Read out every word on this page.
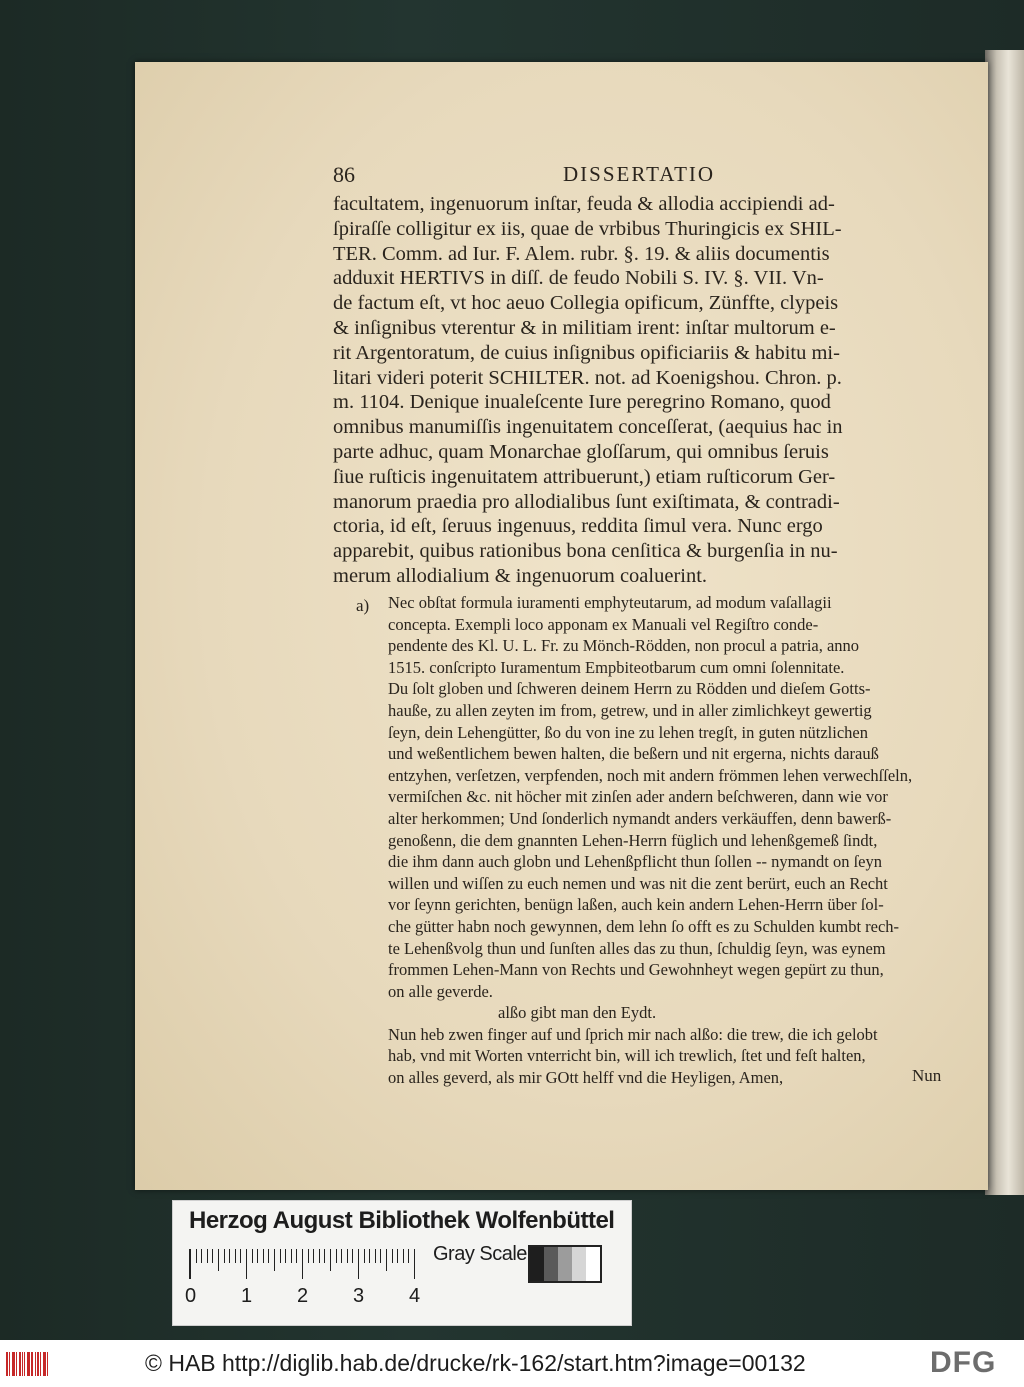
86	DISSERTATIO
facultatem, ingenuorum inſtar, feuda & allodia accipiendi ad-
ſpiraſſe colligitur ex iis, quae de vrbibus Thuringicis ex SHIL-
TER. Comm. ad Iur. F. Alem. rubr. §. 19. & aliis documentis
adduxit HERTIVS in diſſ. de feudo Nobili S. IV. §. VII. Vn-
de factum eſt, vt hoc aeuo Collegia opificum, Zünffte, clypeis
& inſignibus vterentur & in militiam irent: inſtar multorum e-
rit Argentoratum, de cuius inſignibus opificiariis & habitu mi-
litari videri poterit SCHILTER. not. ad Koenigshou. Chron. p.
m. 1104. Denique inualeſcente Iure peregrino Romano, quod
omnibus manumiſſis ingenuitatem conceſſerat, (aequius hac in
parte adhuc, quam Monarchae gloſſarum, qui omnibus ſeruis
ſiue ruſticis ingenuitatem attribuerunt,) etiam ruſticorum Ger-
manorum praedia pro allodialibus ſunt exiſtimata, & contradi-
ctoria, id eſt, ſeruus ingenuus, reddita ſimul vera. Nunc ergo
apparebit, quibus rationibus bona cenſitica & burgenſia in nu-
merum allodialium & ingenuorum coaluerint.
a) Nec obſtat formula iuramenti emphyteutarum, ad modum vaſallagii
concepta. Exempli loco apponam ex Manuali vel Regiſtro conde-
pendente des Kl. U. L. Fr. zu Mönch-Rödden, non procul a patria, anno
1515. conſcripto Iuramentum Empbiteotbarum cum omni ſolennitate.
Du ſolt globen und ſchweren deinem Herrn zu Rödden und dieſem Gotts-
hauße, zu allen zeyten im from, getrew, und in aller zimlichkeyt gewertig
ſeyn, dein Lehengütter, ßo du von ine zu lehen tregſt, in guten nützlichen
und weßentlichem bewen halten, die beßern und nit ergerna, nichts darauß
entzyhen, verſetzen, verpfenden, noch mit andern frömmen lehen verwechſſeln,
vermiſchen &c. nit höcher mit zinſen ader andern beſchweren, dann wie vor
alter herkommen; Und ſonderlich nymandt anders verkäuffen, denn bawerß-
genoßenn, die dem gnannten Lehen-Herrn füglich und lehenßgemeß ſindt,
die ihm dann auch globn und Lehenßpflicht thun ſollen -- nymandt on ſeyn
willen und wiſſen zu euch nemen und was nit die zent berürt, euch an Recht
vor ſeynn gerichten, benügn laßen, auch kein andern Lehen-Herrn über ſol-
che gütter habn noch gewynnen, dem lehn ſo offt es zu Schulden kumbt rech-
te Lehenßvolg thun und ſunſten alles das zu thun, ſchuldig ſeyn, was eynem
frommen Lehen-Mann von Rechts und Gewohnheyt wegen gepürt zu thun,
on alle geverde.
alßo gibt man den Eydt.
Nun heb zwen finger auf und ſprich mir nach alßo: die trew, die ich gelobt
hab, vnd mit Worten vnterricht bin, will ich trewlich, ſtet und feſt halten,
on alles geverd, als mir GOtt helff vnd die Heyligen, Amen,	Nun
Herzog August Bibliothek Wolfenbüttel
0 1 2 3 4
Gray Scale
© HAB http://diglib.hab.de/drucke/rk-162/start.htm?image=00132	DFG
